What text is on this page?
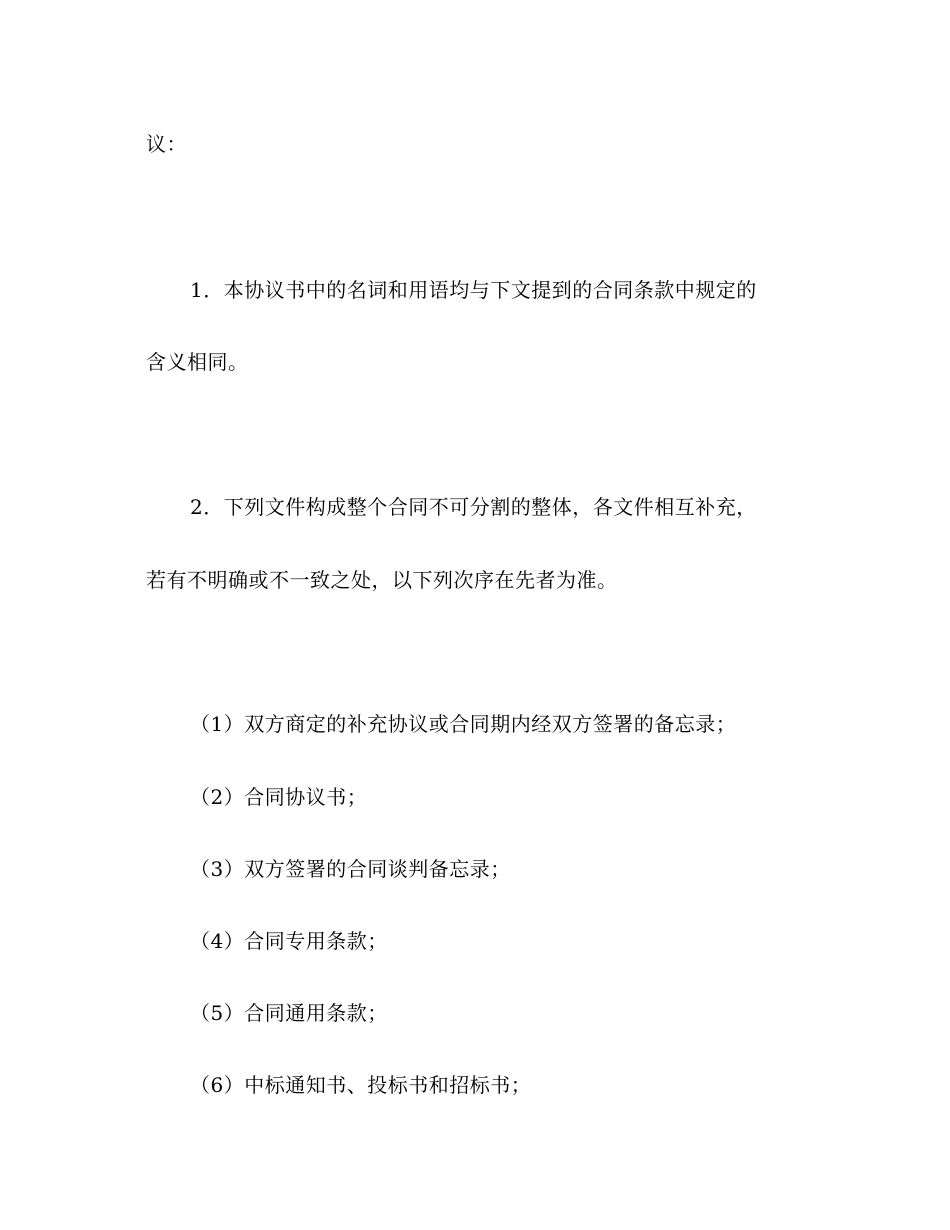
议：
1．本协议书中的名词和用语均与下文提到的合同条款中规定的
含义相同。
2．下列文件构成整个合同不可分割的整体，各文件相互补充，
若有不明确或不一致之处，以下列次序在先者为准。
（1）双方商定的补充协议或合同期内经双方签署的备忘录；
（2）合同协议书；
（3）双方签署的合同谈判备忘录；
（4）合同专用条款；
（5）合同通用条款；
（6）中标通知书、投标书和招标书；
